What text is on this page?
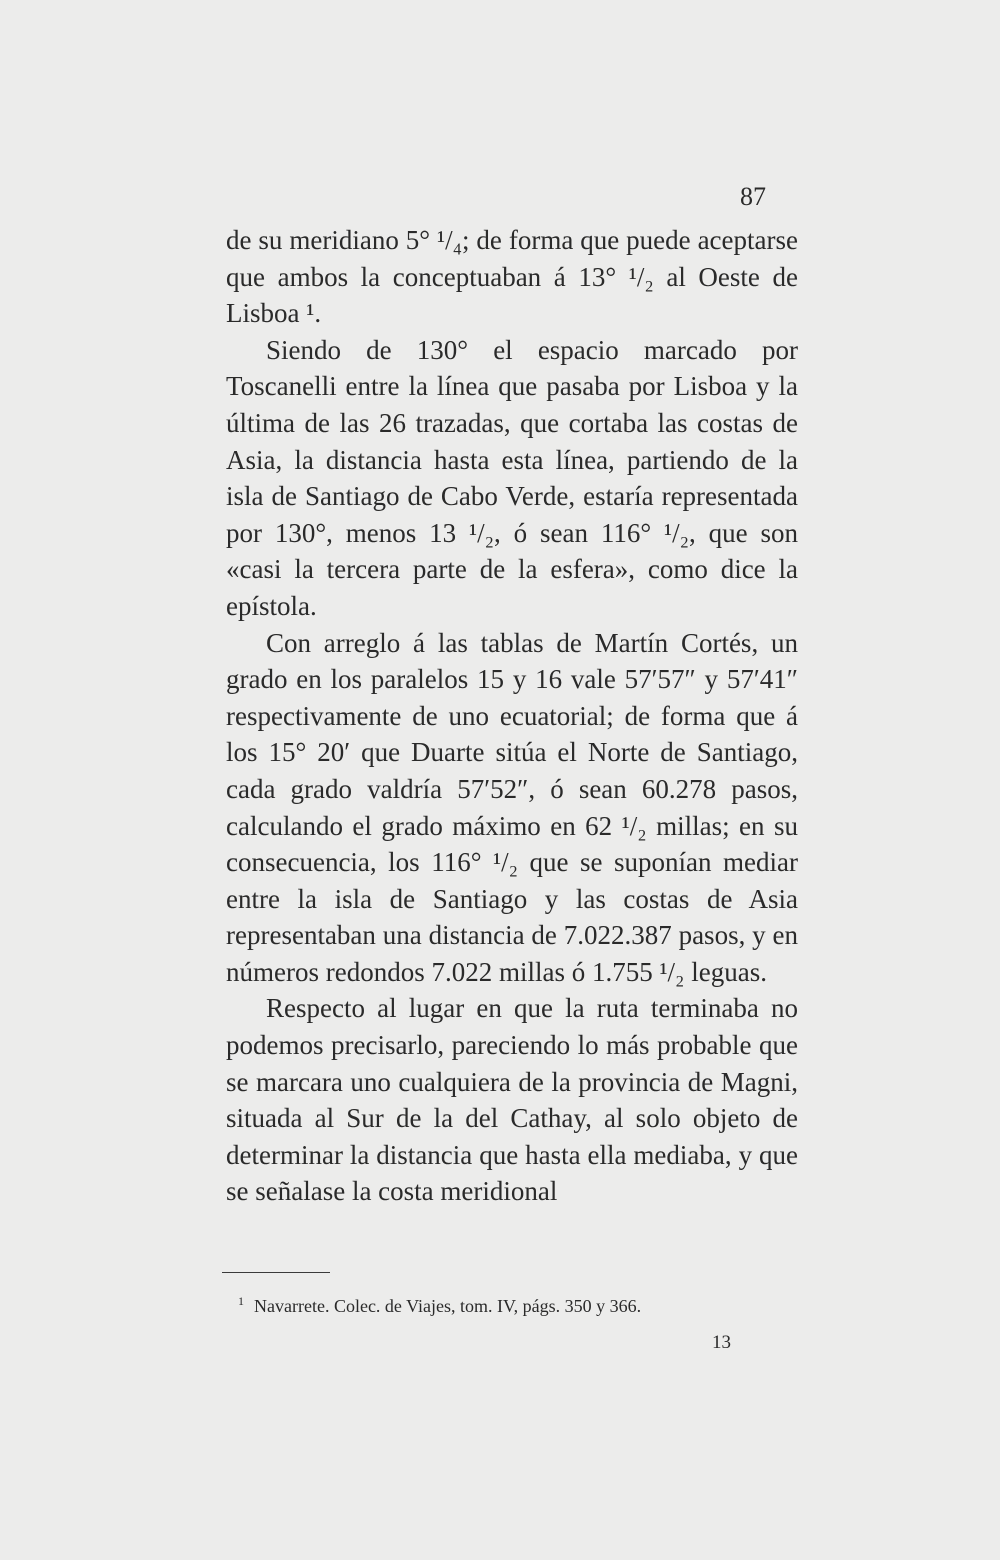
87

de su meridiano 5° ¹/₄; de forma que puede aceptarse que ambos la conceptuaban á 13° ¹/₂ al Oeste de Lisboa ¹.

Siendo de 130° el espacio marcado por Toscanelli entre la línea que pasaba por Lisboa y la última de las 26 trazadas, que cortaba las costas de Asia, la distancia hasta esta línea, partiendo de la isla de Santiago de Cabo Verde, estaría representada por 130°, menos 13 ¹/₂, ó sean 116° ¹/₂, que son «casi la tercera parte de la esfera», como dice la epístola.

Con arreglo á las tablas de Martín Cortés, un grado en los paralelos 15 y 16 vale 57′57″ y 57′41″ respectivamente de uno ecuatorial; de forma que á los 15° 20′ que Duarte sitúa el Norte de Santiago, cada grado valdría 57′52″, ó sean 60.278 pasos, calculando el grado máximo en 62 ¹/₂ millas; en su consecuencia, los 116° ¹/₂ que se suponían mediar entre la isla de Santiago y las costas de Asia representaban una distancia de 7.022.387 pasos, y en números redondos 7.022 millas ó 1.755 ¹/₂ leguas.

Respecto al lugar en que la ruta terminaba no podemos precisarlo, pareciendo lo más probable que se marcara uno cualquiera de la provincia de Magni, situada al Sur de la del Cathay, al solo objeto de determinar la distancia que hasta ella mediaba, y que se señalase la costa meridional

$^1$ Navarrete. Colec. de Viajes, tom. IV, págs. 350 y 366.
13
